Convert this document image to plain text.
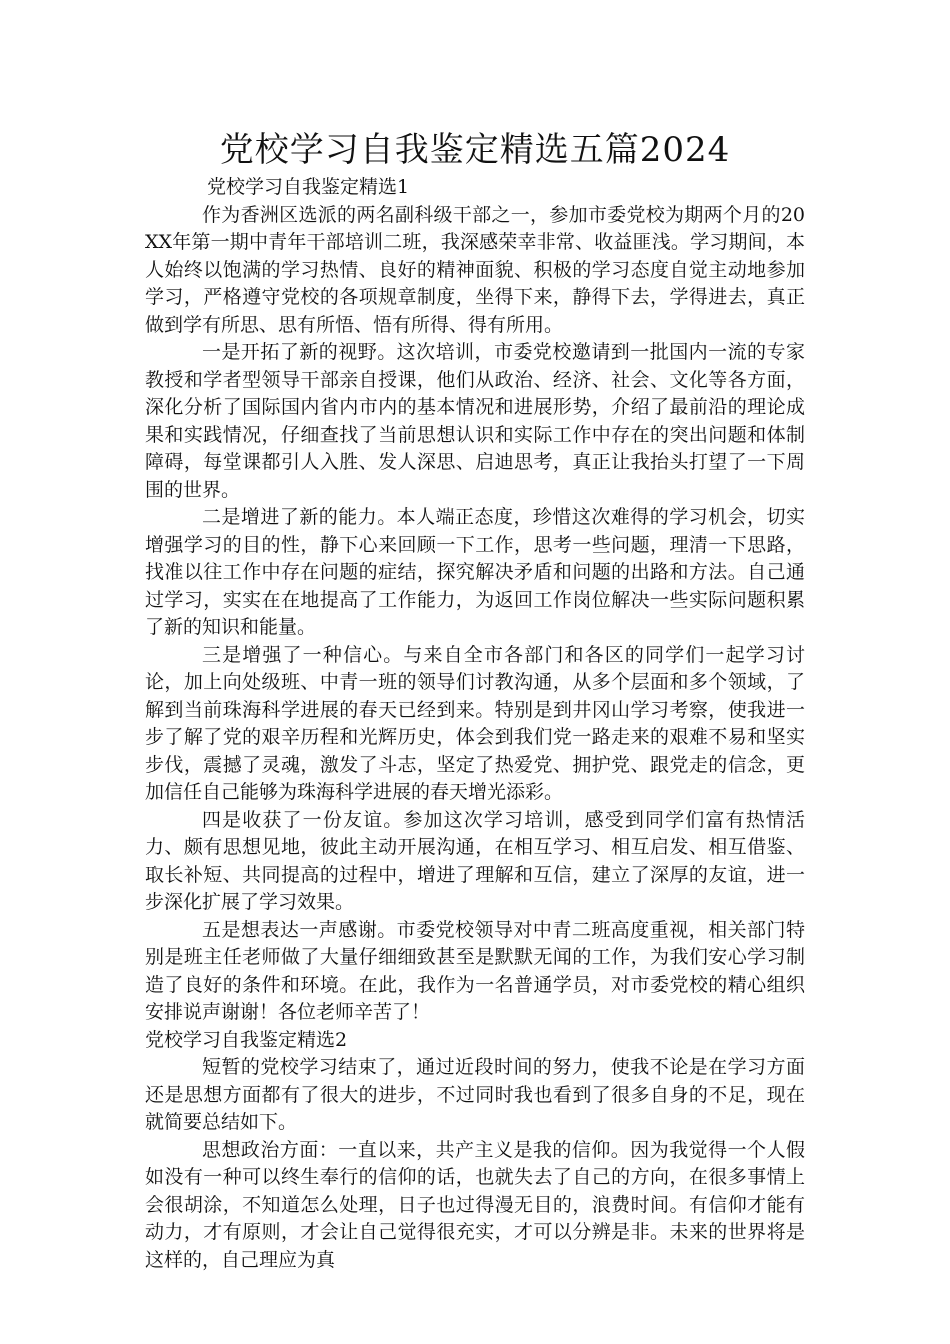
党校学习自我鉴定精选五篇2024
党校学习自我鉴定精选1

作为香洲区选派的两名副科级干部之一，参加市委党校为期两个月的20XX年第一期中青年干部培训二班，我深感荣幸非常、收益匪浅。学习期间，本人始终以饱满的学习热情、良好的精神面貌、积极的学习态度自觉主动地参加学习，严格遵守党校的各项规章制度，坐得下来，静得下去，学得进去，真正做到学有所思、思有所悟、悟有所得、得有所用。

一是开拓了新的视野。这次培训，市委党校邀请到一批国内一流的专家教授和学者型领导干部亲自授课，他们从政治、经济、社会、文化等各方面，深化分析了国际国内省内市内的基本情况和进展形势，介绍了最前沿的理论成果和实践情况，仔细查找了当前思想认识和实际工作中存在的突出问题和体制障碍，每堂课都引人入胜、发人深思、启迪思考，真正让我抬头打望了一下周围的世界。

二是增进了新的能力。本人端正态度，珍惜这次难得的学习机会，切实增强学习的目的性，静下心来回顾一下工作，思考一些问题，理清一下思路，找准以往工作中存在问题的症结，探究解决矛盾和问题的出路和方法。自己通过学习，实实在在地提高了工作能力，为返回工作岗位解决一些实际问题积累了新的知识和能量。

三是增强了一种信心。与来自全市各部门和各区的同学们一起学习讨论，加上向处级班、中青一班的领导们讨教沟通，从多个层面和多个领域，了解到当前珠海科学进展的春天已经到来。特别是到井冈山学习考察，使我进一步了解了党的艰辛历程和光辉历史，体会到我们党一路走来的艰难不易和坚实步伐，震撼了灵魂，激发了斗志，坚定了热爱党、拥护党、跟党走的信念，更加信任自己能够为珠海科学进展的春天增光添彩。

四是收获了一份友谊。参加这次学习培训，感受到同学们富有热情活力、颇有思想见地，彼此主动开展沟通，在相互学习、相互启发、相互借鉴、取长补短、共同提高的过程中，增进了理解和互信，建立了深厚的友谊，进一步深化扩展了学习效果。

五是想表达一声感谢。市委党校领导对中青二班高度重视，相关部门特别是班主任老师做了大量仔细细致甚至是默默无闻的工作，为我们安心学习制造了良好的条件和环境。在此，我作为一名普通学员，对市委党校的精心组织安排说声谢谢！各位老师辛苦了！

党校学习自我鉴定精选2

短暂的党校学习结束了，通过近段时间的努力，使我不论是在学习方面还是思想方面都有了很大的进步，不过同时我也看到了很多自身的不足，现在就简要总结如下。

思想政治方面：一直以来，共产主义是我的信仰。因为我觉得一个人假如没有一种可以终生奉行的信仰的话，也就失去了自己的方向，在很多事情上会很胡涂，不知道怎么处理，日子也过得漫无目的，浪费时间。有信仰才能有动力，才有原则，才会让自己觉得很充实，才可以分辨是非。未来的世界将是这样的，自己理应为真
